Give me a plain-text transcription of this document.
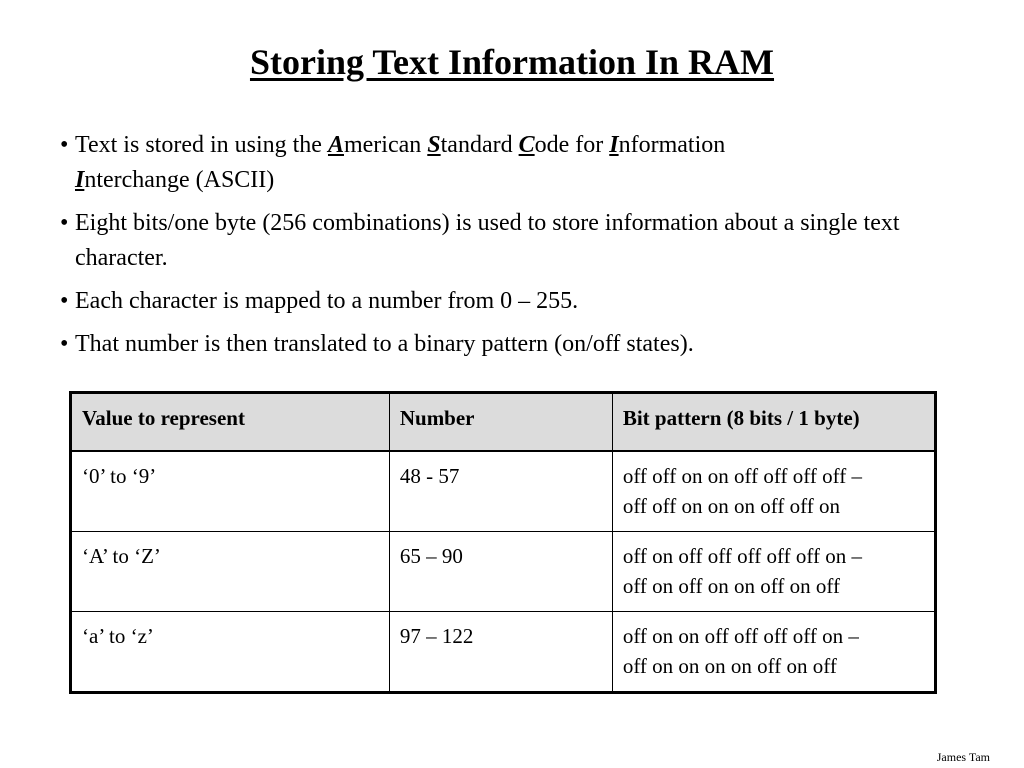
Storing Text Information In RAM
• Text is stored in using the American Standard Code for Information
Interchange (ASCII)
• Eight bits/one byte (256 combinations) is used to store information about a single text character.
• Each character is mapped to a number from 0 – 255.
• That number is then translated to a binary pattern (on/off states).
Value to represent	Number	Bit pattern (8 bits / 1 byte)
‘0’ to ‘9’	48 - 57	off off on on off off off off –
off off on on on off off on
‘A’ to ‘Z’	65 – 90	off on off off off off off on –
off on off on on off on off
‘a’ to ‘z’	97 – 122	off on on off off off off on –
off on on on on off on off
James Tam
